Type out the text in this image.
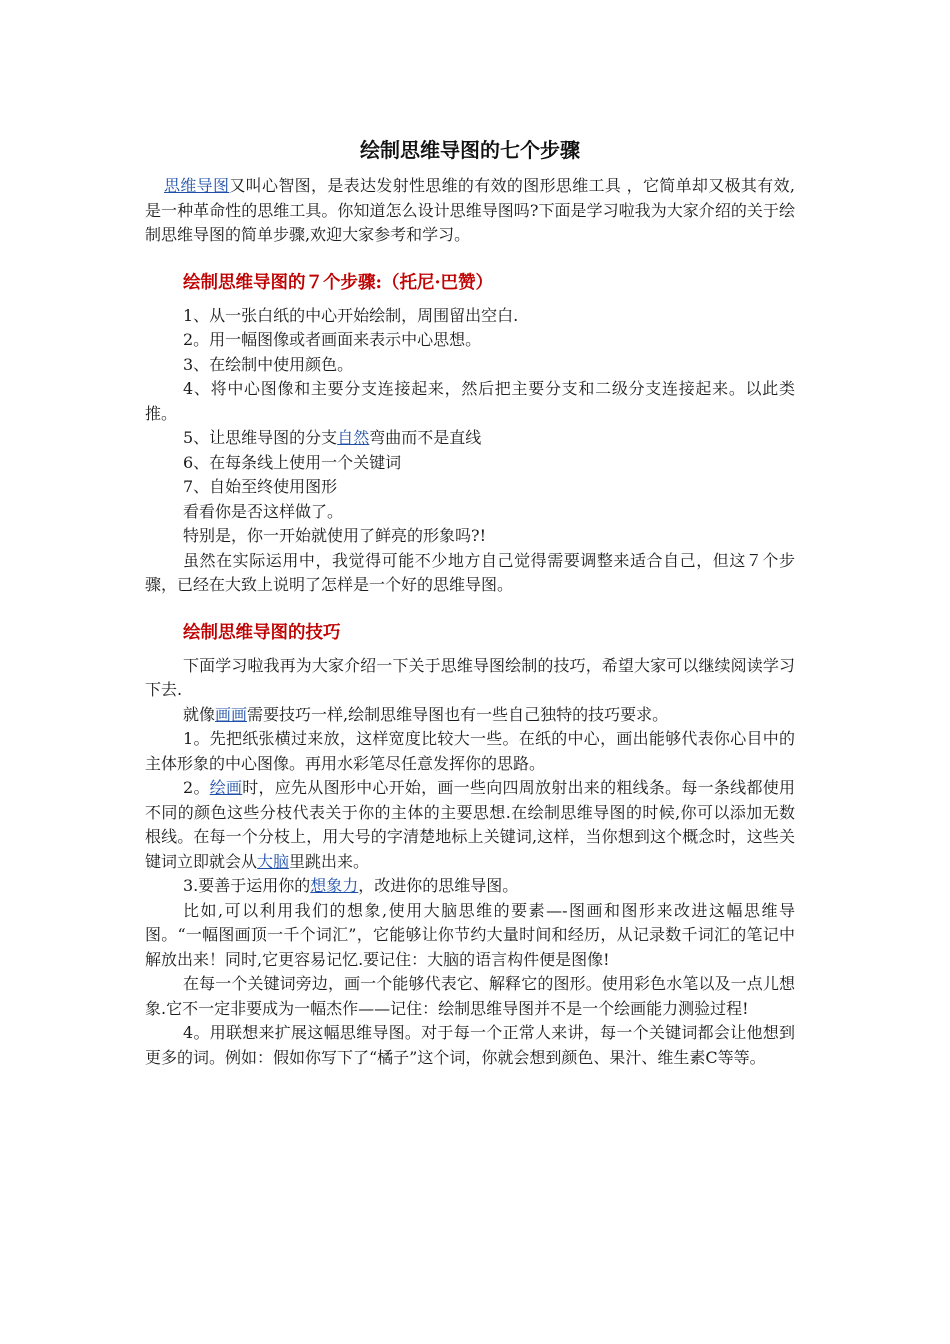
绘制思维导图的七个步骤

思维导图又叫心智图，是表达发射性思维的有效的图形思维工具 ，它简单却又极其有效,是一种革命性的思维工具。你知道怎么设计思维导图吗?下面是学习啦我为大家介绍的关于绘制思维导图的简单步骤,欢迎大家参考和学习。

绘制思维导图的７个步骤:（托尼·巴赞）

1、从一张白纸的中心开始绘制，周围留出空白.

2。用一幅图像或者画面来表示中心思想。

3、在绘制中使用颜色。

4、将中心图像和主要分支连接起来，然后把主要分支和二级分支连接起来。以此类推。

5、让思维导图的分支自然弯曲而不是直线

6、在每条线上使用一个关键词

7、自始至终使用图形

看看你是否这样做了。

特别是，你一开始就使用了鲜亮的形象吗?!

虽然在实际运用中，我觉得可能不少地方自己觉得需要调整来适合自己，但这７个步骤，已经在大致上说明了怎样是一个好的思维导图。

绘制思维导图的技巧

下面学习啦我再为大家介绍一下关于思维导图绘制的技巧，希望大家可以继续阅读学习下去.

就像画画需要技巧一样,绘制思维导图也有一些自己独特的技巧要求。

1。先把纸张横过来放，这样宽度比较大一些。在纸的中心，画出能够代表你心目中的主体形象的中心图像。再用水彩笔尽任意发挥你的思路。

2。绘画时，应先从图形中心开始，画一些向四周放射出来的粗线条。每一条线都使用不同的颜色这些分枝代表关于你的主体的主要思想.在绘制思维导图的时候,你可以添加无数根线。在每一个分枝上，用大号的字清楚地标上关键词,这样，当你想到这个概念时，这些关键词立即就会从大脑里跳出来。

3.要善于运用你的想象力，改进你的思维导图。

比如,可以利用我们的想象,使用大脑思维的要素—-图画和图形来改进这幅思维导图。“一幅图画顶一千个词汇”，它能够让你节约大量时间和经历，从记录数千词汇的笔记中解放出来！同时,它更容易记忆.要记住：大脑的语言构件便是图像!

在每一个关键词旁边，画一个能够代表它、解释它的图形。使用彩色水笔以及一点儿想象.它不一定非要成为一幅杰作——记住：绘制思维导图并不是一个绘画能力测验过程!

4。用联想来扩展这幅思维导图。对于每一个正常人来讲，每一个关键词都会让他想到更多的词。例如：假如你写下了“橘子”这个词，你就会想到颜色、果汁、维生素C等等。
